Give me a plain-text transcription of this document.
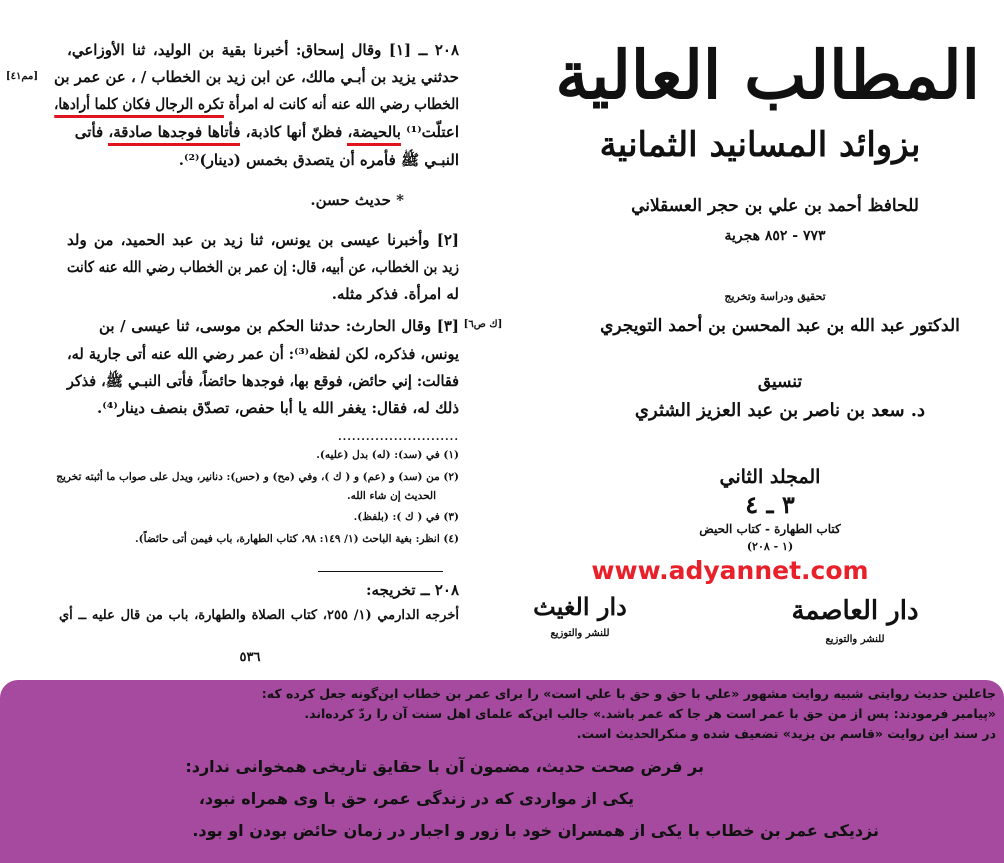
٢٠٨ ــ [١] وقال إسحاق: أخبرنا بقية بن الوليد، ثنا الأوزاعي،
[مم٤١] حدثني يزيد بن أبـي مالك، عن ابن زيد بن الخطاب / ، عن عمر بن
الخطاب رضي الله عنه أنه كانت له امرأة تكره الرجال فكان كلما أرادها،
اعتلّت⁽¹⁾ بالحيضة، فظنّ أنها كاذبة، فأتاها فوجدها صادقة، فأتى
النبـي ﷺ فأمره أن يتصدق بخمس (دينار)⁽²⁾.
* حديث حسن.
[٢] وأخبرنا عيسى بن يونس، ثنا زيد بن عبد الحميد، من ولد
زيد بن الخطاب، عن أبيه، قال: إن عمر بن الخطاب رضي الله عنه كانت
له امرأة. فذكر مثله.
[ك ص٦]
[٣] وقال الحارث: حدثنا الحكم بن موسى، ثنا عيسى / بن
يونس، فذكره، لكن لفظه⁽³⁾: أن عمر رضي الله عنه أتى جارية له،
فقالت: إني حائض، فوقع بها، فوجدها حائضاً، فأتى النبـي ﷺ، فذكر
ذلك له، فقال: يغفر الله يا أبا حفص، تصدّق بنصف دينار⁽⁴⁾.
..........................
(١) في (سد): (له) بدل (عليه).
(٢) من (سد) و (عم) و ( ك )، وفي (مح) و (حس): دنانير، ويدل على صواب ما أثبته تخريج
الحديث إن شاء الله.
(٣) في ( ك ): (بلفظ).
(٤) انظر: بغية الباحث (١/ ١٤٩: ٩٨، كتاب الطهارة، باب فيمن أتى حائضاً).
٢٠٨ ــ تخريجه:
أخرجه الدارمي (١/ ٢٥٥، كتاب الصلاة والطهارة، باب من قال عليه ــ أي
٥٣٦
المطالب العالية
بزوائد المسانيد الثمانية
للحافظ أحمد بن علي بن حجر العسقلاني
٧٧٣ - ٨٥٢ هجرية
تحقيق ودراسة وتخريج
الدكتور عبد الله بن عبد المحسن بن أحمد التويجري
تنسيق
د. سعد بن ناصر بن عبد العزيز الشثري
المجلد الثاني
٣ ـ ٤
كتاب الطهارة - كتاب الحيض
(١ - ٢٠٨)
www.adyannet.com
دار الغيث
للنشر والتوزيع
دار العاصمة
للنشر والتوزيع
جاعلين حديث روایتی شبیه روایت مشهور «علي با حق و حق با علي است» را برای عمر بن خطاب این‌گونه جعل کرده که:
«پیامبر فرمودند: پس از من حق با عمر است هر جا که عمر باشد.» جالب این‌که علمای اهل سنت آن را ردّ کرده‌اند.
در سند این روایت «قاسم بن یزید» تضعیف شده و منکرالحدیث است.
بر فرض صحت حدیث، مضمون آن با حقایق تاریخی همخوانی ندارد:
یکی از مواردی که در زندگی عمر، حق با وی همراه نبود،
نزدیکی عمر بن خطاب با یکی از همسران خود با زور و اجبار در زمان حائض بودن او بود.
